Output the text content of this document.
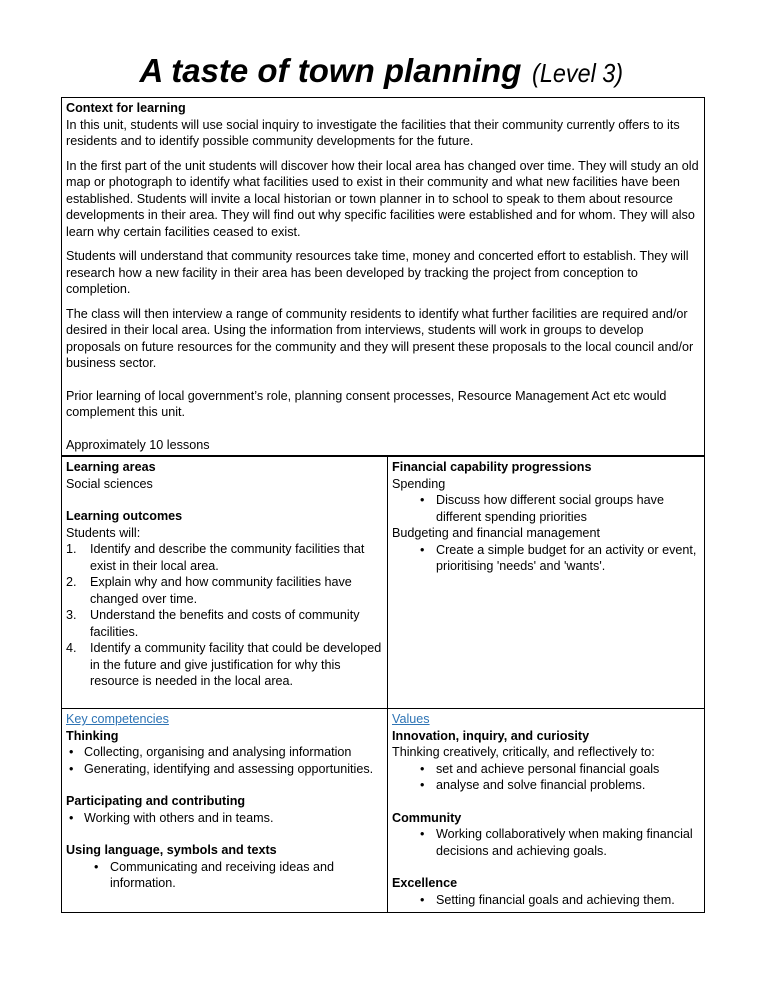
A taste of town planning (Level 3)

Context for learning

In this unit, students will use social inquiry to investigate the facilities that their community currently offers to its residents and to identify possible community developments for the future.

In the first part of the unit students will discover how their local area has changed over time. They will study an old map or photograph to identify what facilities used to exist in their community and what new facilities have been established. Students will invite a local historian or town planner in to school to speak to them about resource developments in their area. They will find out why specific facilities were established and for whom. They will also learn why certain facilities ceased to exist.

Students will understand that community resources take time, money and concerted effort to establish. They will research how a new facility in their area has been developed by tracking the project from conception to completion.

The class will then interview a range of community residents to identify what further facilities are required and/or desired in their local area. Using the information from interviews, students will work in groups to develop proposals on future resources for the community and they will present these proposals to the local council and/or business sector.

Prior learning of local government’s role, planning consent processes, Resource Management Act etc would complement this unit.

Approximately 10 lessons

Learning areas
Social sciences
Learning outcomes
Students will:
1. Identify and describe the community facilities that exist in their local area.
2. Explain why and how community facilities have changed over time.
3. Understand the benefits and costs of community facilities.
4. Identify a community facility that could be developed in the future and give justification for why this resource is needed in the local area.
Financial capability progressions
Spending
• Discuss how different social groups have different spending priorities
Budgeting and financial management
• Create a simple budget for an activity or event, prioritising 'needs' and 'wants'.
Key competencies
Thinking
• Collecting, organising and analysing information
• Generating, identifying and assessing opportunities.
Participating and contributing
• Working with others and in teams.
Using language, symbols and texts
• Communicating and receiving ideas and information.
Values
Innovation, inquiry, and curiosity
Thinking creatively, critically, and reflectively to:
• set and achieve personal financial goals
• analyse and solve financial problems.
Community
• Working collaboratively when making financial decisions and achieving goals.
Excellence
• Setting financial goals and achieving them.
